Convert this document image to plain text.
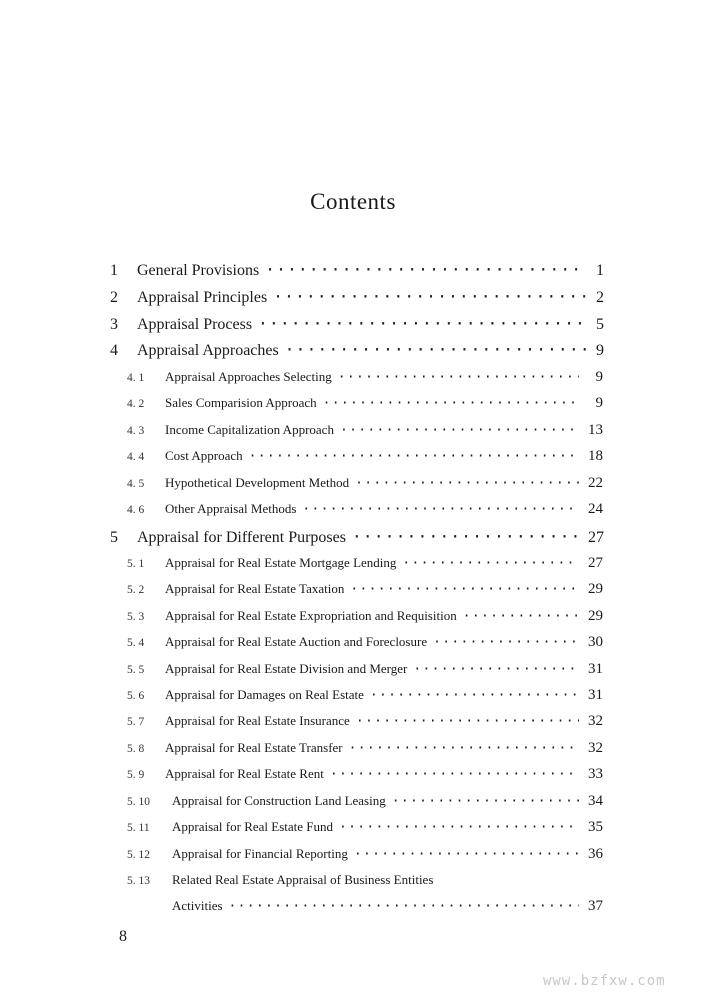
Contents
1	General Provisions ·····	1
2	Appraisal Principles ·····	2
3	Appraisal Process ·····	5
4	Appraisal Approaches ·····	9
4. 1	Appraisal Approaches Selecting ·····	9
4. 2	Sales Comparision Approach ·····	9
4. 3	Income Capitalization Approach ·····	13
4. 4	Cost Approach ·····	18
4. 5	Hypothetical Development Method ·····	22
4. 6	Other Appraisal Methods ·····	24
5	Appraisal for Different Purposes ·····	27
5. 1	Appraisal for Real Estate Mortgage Lending ·····	27
5. 2	Appraisal for Real Estate Taxation ·····	29
5. 3	Appraisal for Real Estate Expropriation and Requisition ·····	29
5. 4	Appraisal for Real Estate Auction and Foreclosure ·····	30
5. 5	Appraisal for Real Estate Division and Merger ·····	31
5. 6	Appraisal for Damages on Real Estate ·····	31
5. 7	Appraisal for Real Estate Insurance ·····	32
5. 8	Appraisal for Real Estate Transfer ·····	32
5. 9	Appraisal for Real Estate Rent ·····	33
5. 10	Appraisal for Construction Land Leasing ·····	34
5. 11	Appraisal for Real Estate Fund ·····	35
5. 12	Appraisal for Financial Reporting ·····	36
5. 13 Related Real Estate Appraisal of Business Entities
Activities ·····	37
8
www.bzfxw.com
